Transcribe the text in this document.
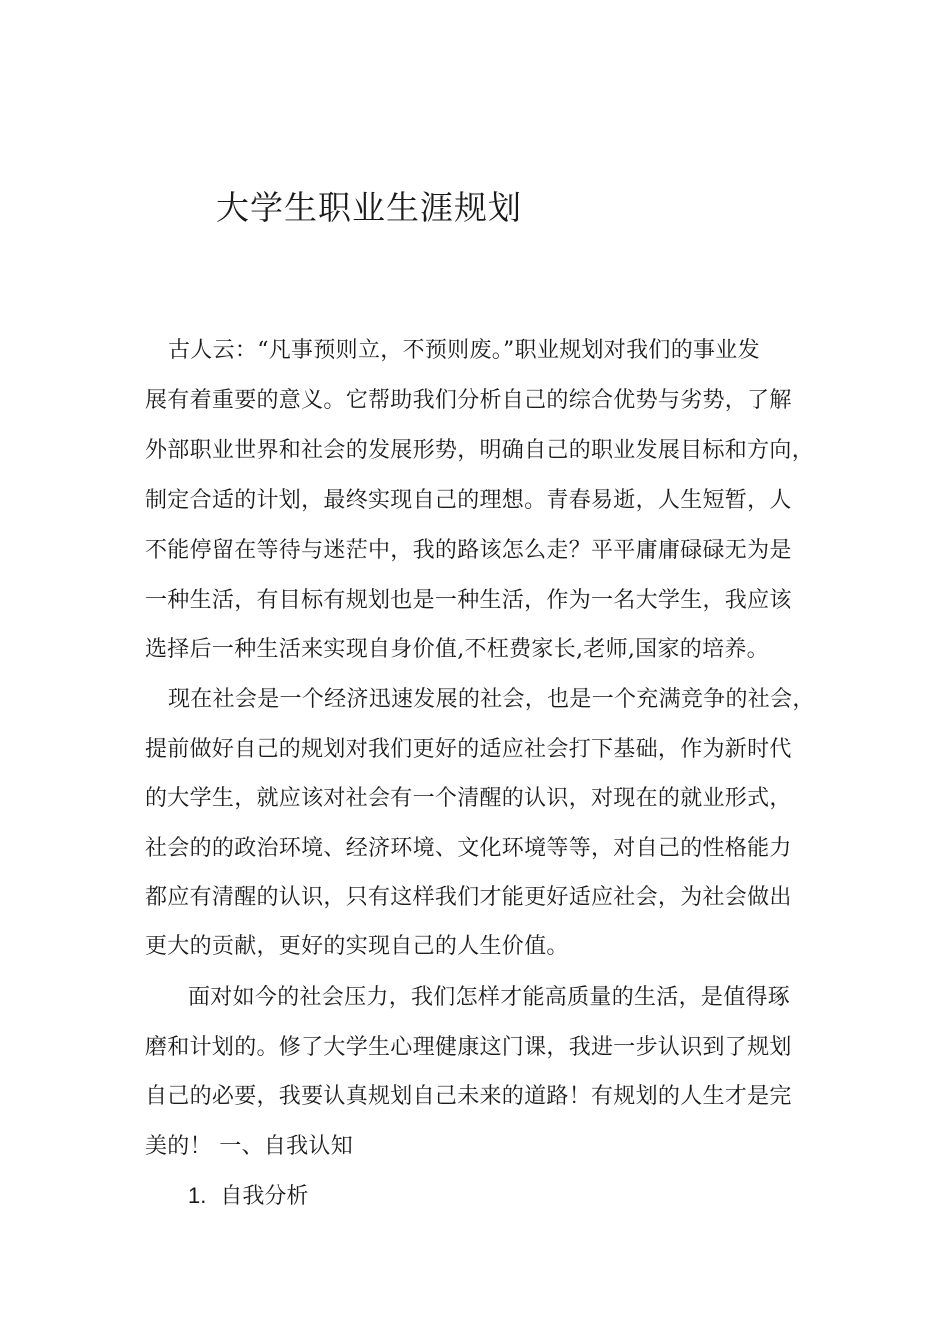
大学生职业生涯规划
古人云：“凡事预则立，不预则废。”职业规划对我们的事业发
展有着重要的意义。它帮助我们分析自己的综合优势与劣势，了解
外部职业世界和社会的发展形势，明确自己的职业发展目标和方向，
制定合适的计划，最终实现自己的理想。青春易逝，人生短暂，人
不能停留在等待与迷茫中，我的路该怎么走？平平庸庸碌碌无为是
一种生活，有目标有规划也是一种生活，作为一名大学生，我应该
选择后一种生活来实现自身价值,不枉费家长,老师,国家的培养。
现在社会是一个经济迅速发展的社会，也是一个充满竞争的社会，
提前做好自己的规划对我们更好的适应社会打下基础，作为新时代
的大学生，就应该对社会有一个清醒的认识，对现在的就业形式，
社会的的政治环境、经济环境、文化环境等等，对自己的性格能力
都应有清醒的认识，只有这样我们才能更好适应社会，为社会做出
更大的贡献，更好的实现自己的人生价值。
面对如今的社会压力，我们怎样才能高质量的生活，是值得琢
磨和计划的。修了大学生心理健康这门课，我进一步认识到了规划
自己的必要，我要认真规划自己未来的道路！有规划的人生才是完
美的！ 一、自我认知
1. 自我分析
